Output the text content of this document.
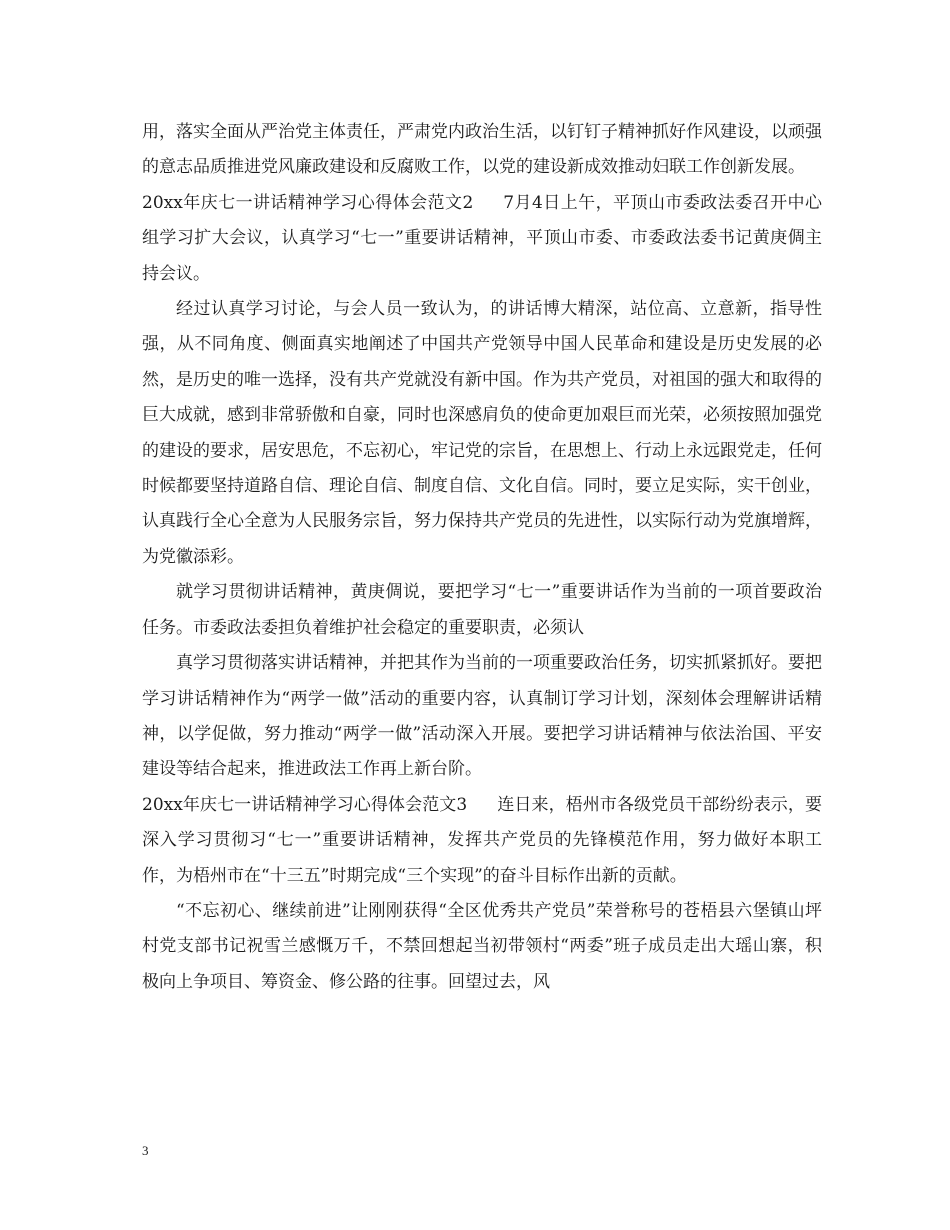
用，落实全面从严治党主体责任，严肃党内政治生活，以钉钉子精神抓好作风建设，以顽强的意志品质推进党风廉政建设和反腐败工作，以党的建设新成效推动妇联工作创新发展。

20xx年庆七一讲话精神学习心得体会范文2 7月4日上午，平顶山市委政法委召开中心组学习扩大会议，认真学习“七一”重要讲话精神，平顶山市委、市委政法委书记黄庚倜主持会议。

经过认真学习讨论，与会人员一致认为，的讲话博大精深，站位高、立意新，指导性强，从不同角度、侧面真实地阐述了中国共产党领导中国人民革命和建设是历史发展的必然，是历史的唯一选择，没有共产党就没有新中国。作为共产党员，对祖国的强大和取得的巨大成就，感到非常骄傲和自豪，同时也深感肩负的使命更加艰巨而光荣，必须按照加强党的建设的要求，居安思危，不忘初心，牢记党的宗旨，在思想上、行动上永远跟党走，任何时候都要坚持道路自信、理论自信、制度自信、文化自信。同时，要立足实际，实干创业，认真践行全心全意为人民服务宗旨，努力保持共产党员的先进性，以实际行动为党旗增辉，为党徽添彩。

就学习贯彻讲话精神，黄庚倜说，要把学习“七一”重要讲话作为当前的一项首要政治任务。市委政法委担负着维护社会稳定的重要职责，必须认

真学习贯彻落实讲话精神，并把其作为当前的一项重要政治任务，切实抓紧抓好。要把学习讲话精神作为“两学一做”活动的重要内容，认真制订学习计划，深刻体会理解讲话精神，以学促做，努力推动“两学一做”活动深入开展。要把学习讲话精神与依法治国、平安建设等结合起来，推进政法工作再上新台阶。

20xx年庆七一讲话精神学习心得体会范文3 连日来，梧州市各级党员干部纷纷表示，要深入学习贯彻习“七一”重要讲话精神，发挥共产党员的先锋模范作用，努力做好本职工作，为梧州市在“十三五”时期完成“三个实现”的奋斗目标作出新的贡献。

“不忘初心、继续前进”让刚刚获得“全区优秀共产党员”荣誉称号的苍梧县六堡镇山坪村党支部书记祝雪兰感慨万千，不禁回想起当初带领村“两委”班子成员走出大瑶山寨，积极向上争项目、筹资金、修公路的往事。回望过去，风

3
